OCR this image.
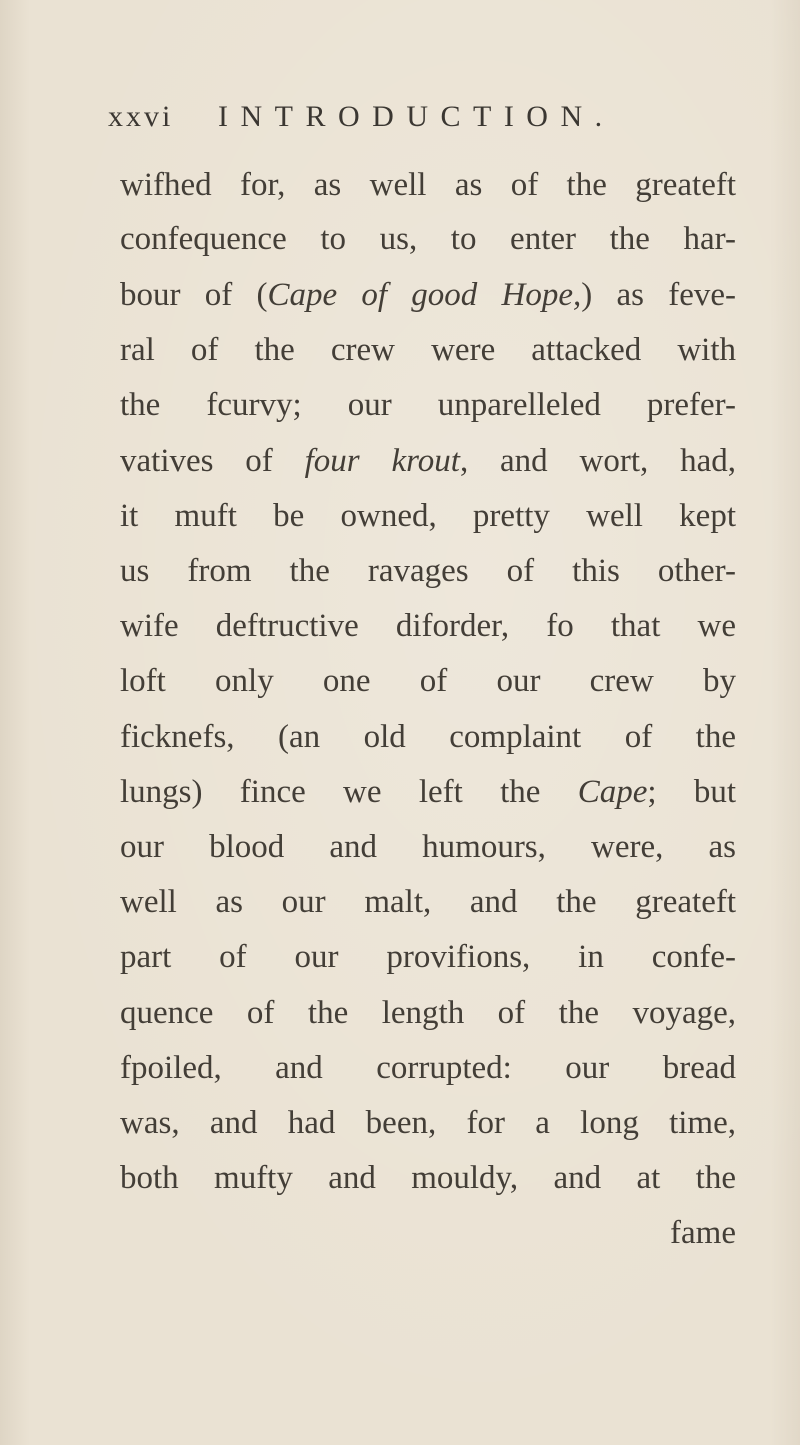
xxvi INTRODUCTION.
wifhed for, as well as of the greateft
confequence to us, to enter the har-
bour of (Cape of good Hope,) as feve-
ral of the crew were attacked with
the fcurvy; our unparelleled prefer-
vatives of four krout, and wort, had,
it muft be owned, pretty well kept
us from the ravages of this other-
wife deftructive diforder, fo that we
loft only one of our crew by
ficknefs, (an old complaint of the
lungs) fince we left the Cape; but
our blood and humours, were, as
well as our malt, and the greateft
part of our provifions, in confe-
quence of the length of the voyage,
fpoiled, and corrupted: our bread
was, and had been, for a long time,
both mufty and mouldy, and at the
fame
